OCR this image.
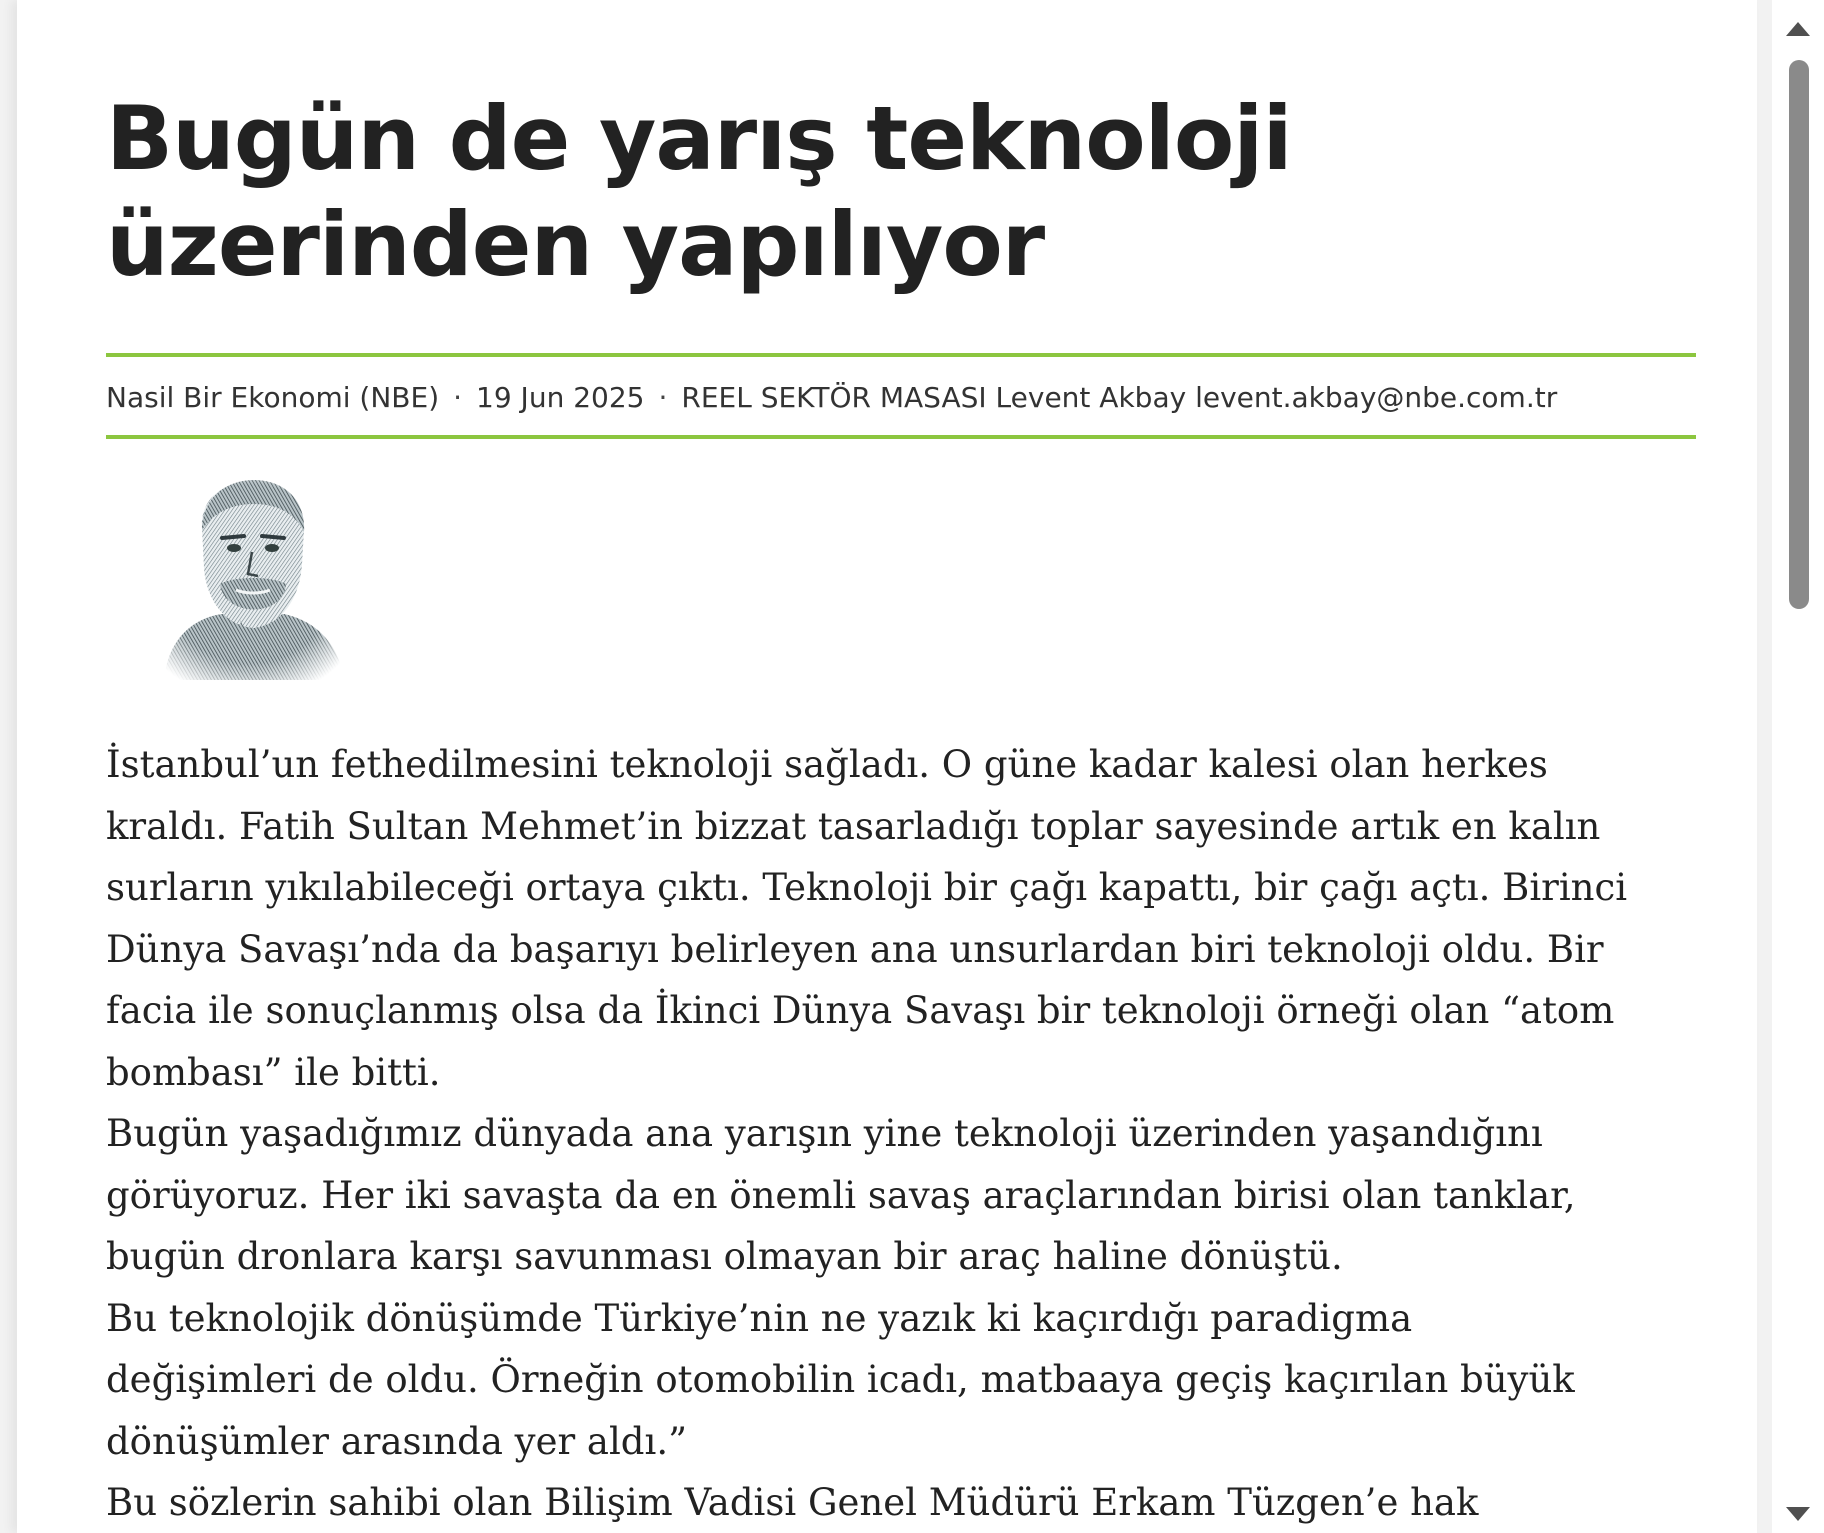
Bugün de yarış teknoloji
üzerinden yapılıyor
Nasil Bir Ekonomi (NBE) · 19 Jun 2025 · REEL SEKTÖR MASASI Levent Akbay levent.akbay@nbe.com.tr

İstanbul’un fethedilmesini teknoloji sağladı. O güne kadar kalesi olan herkes
kraldı. Fatih Sultan Mehmet’in bizzat tasarladığı toplar sayesinde artık en kalın
surların yıkılabileceği ortaya çıktı. Teknoloji bir çağı kapattı, bir çağı açtı. Birinci
Dünya Savaşı’nda da başarıyı belirleyen ana unsurlardan biri teknoloji oldu. Bir
facia ile sonuçlanmış olsa da İkinci Dünya Savaşı bir teknoloji örneği olan “atom
bombası” ile bitti.

Bugün yaşadığımız dünyada ana yarışın yine teknoloji üzerinden yaşandığını
görüyoruz. Her iki savaşta da en önemli savaş araçlarından birisi olan tanklar,
bugün dronlara karşı savunması olmayan bir araç haline dönüştü.

Bu teknolojik dönüşümde Türkiye’nin ne yazık ki kaçırdığı paradigma
değişimleri de oldu. Örneğin otomobilin icadı, matbaaya geçiş kaçırılan büyük
dönüşümler arasında yer aldı.”

Bu sözlerin sahibi olan Bilişim Vadisi Genel Müdürü Erkam Tüzgen’e hak
